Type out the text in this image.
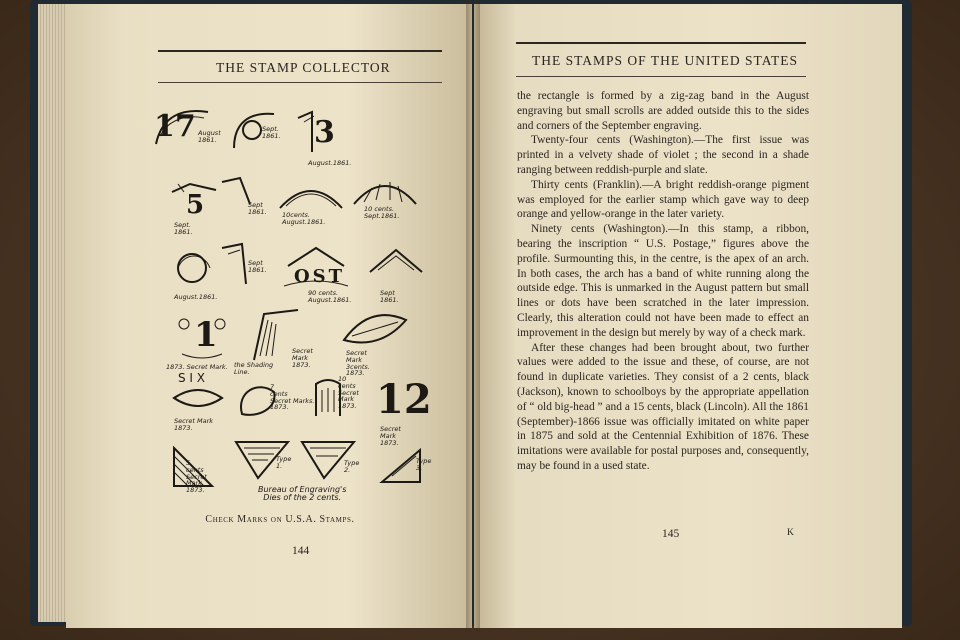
THE STAMP COLLECTOR
17 August
1861.
Sept.
1861. 3
August.1861.
5
Sept.
1861.
Sept
1861. 10cents.
August.1861.
10 cents.
Sept.1861.
August.1861.
Sept
1861. OST
90 cents.
August.1861.
Sept 1861.
1
1873. Secret Mark. the Shading
Line.
Secret
Mark
1873.
Secret Mark
3cents. 1873.
S I X
Secret Mark
1873.
7
cents
Secret Marks.
1873.
10
cents
Secret
Mark
1873. 12
Secret Mark
1873.
5
cents
Secret
Mark
1873.
Type
1.	Type
2.
Type
3.
Bureau of Engraving's
Dies of the 2 cents.
Check Marks on U.S.A. Stamps.
144
THE STAMPS OF THE UNITED STATES

the rectangle is formed by a zig-zag band in the August engraving but small scrolls are added outside this to the sides and corners of the September engraving.

Twenty-four cents (Washington).—The first issue was printed in a velvety shade of violet ; the second in a shade ranging between reddish-purple and slate.

Thirty cents (Franklin).—A bright reddish-orange pigment was employed for the earlier stamp which gave way to deep orange and yellow-orange in the later variety.

Ninety cents (Washington).—In this stamp, a ribbon, bearing the inscription “ U.S. Postage,” figures above the profile. Surmounting this, in the centre, is the apex of an arch. In both cases, the arch has a band of white running along the outside edge. This is unmarked in the August pattern but small lines or dots have been scratched in the later impression. Clearly, this alteration could not have been made to effect an improvement in the design but merely by way of a check mark.

After these changes had been brought about, two further values were added to the issue and these, of course, are not found in duplicate varieties. They consist of a 2 cents, black (Jackson), known to schoolboys by the appropriate appellation of “ old big-head ” and a 15 cents, black (Lincoln). All the 1861 (September)-1866 issue was officially imitated on white paper in 1875 and sold at the Centennial Exhibition of 1876. These imitations were available for postal purposes and, consequently, may be found in a used state.

145	K
